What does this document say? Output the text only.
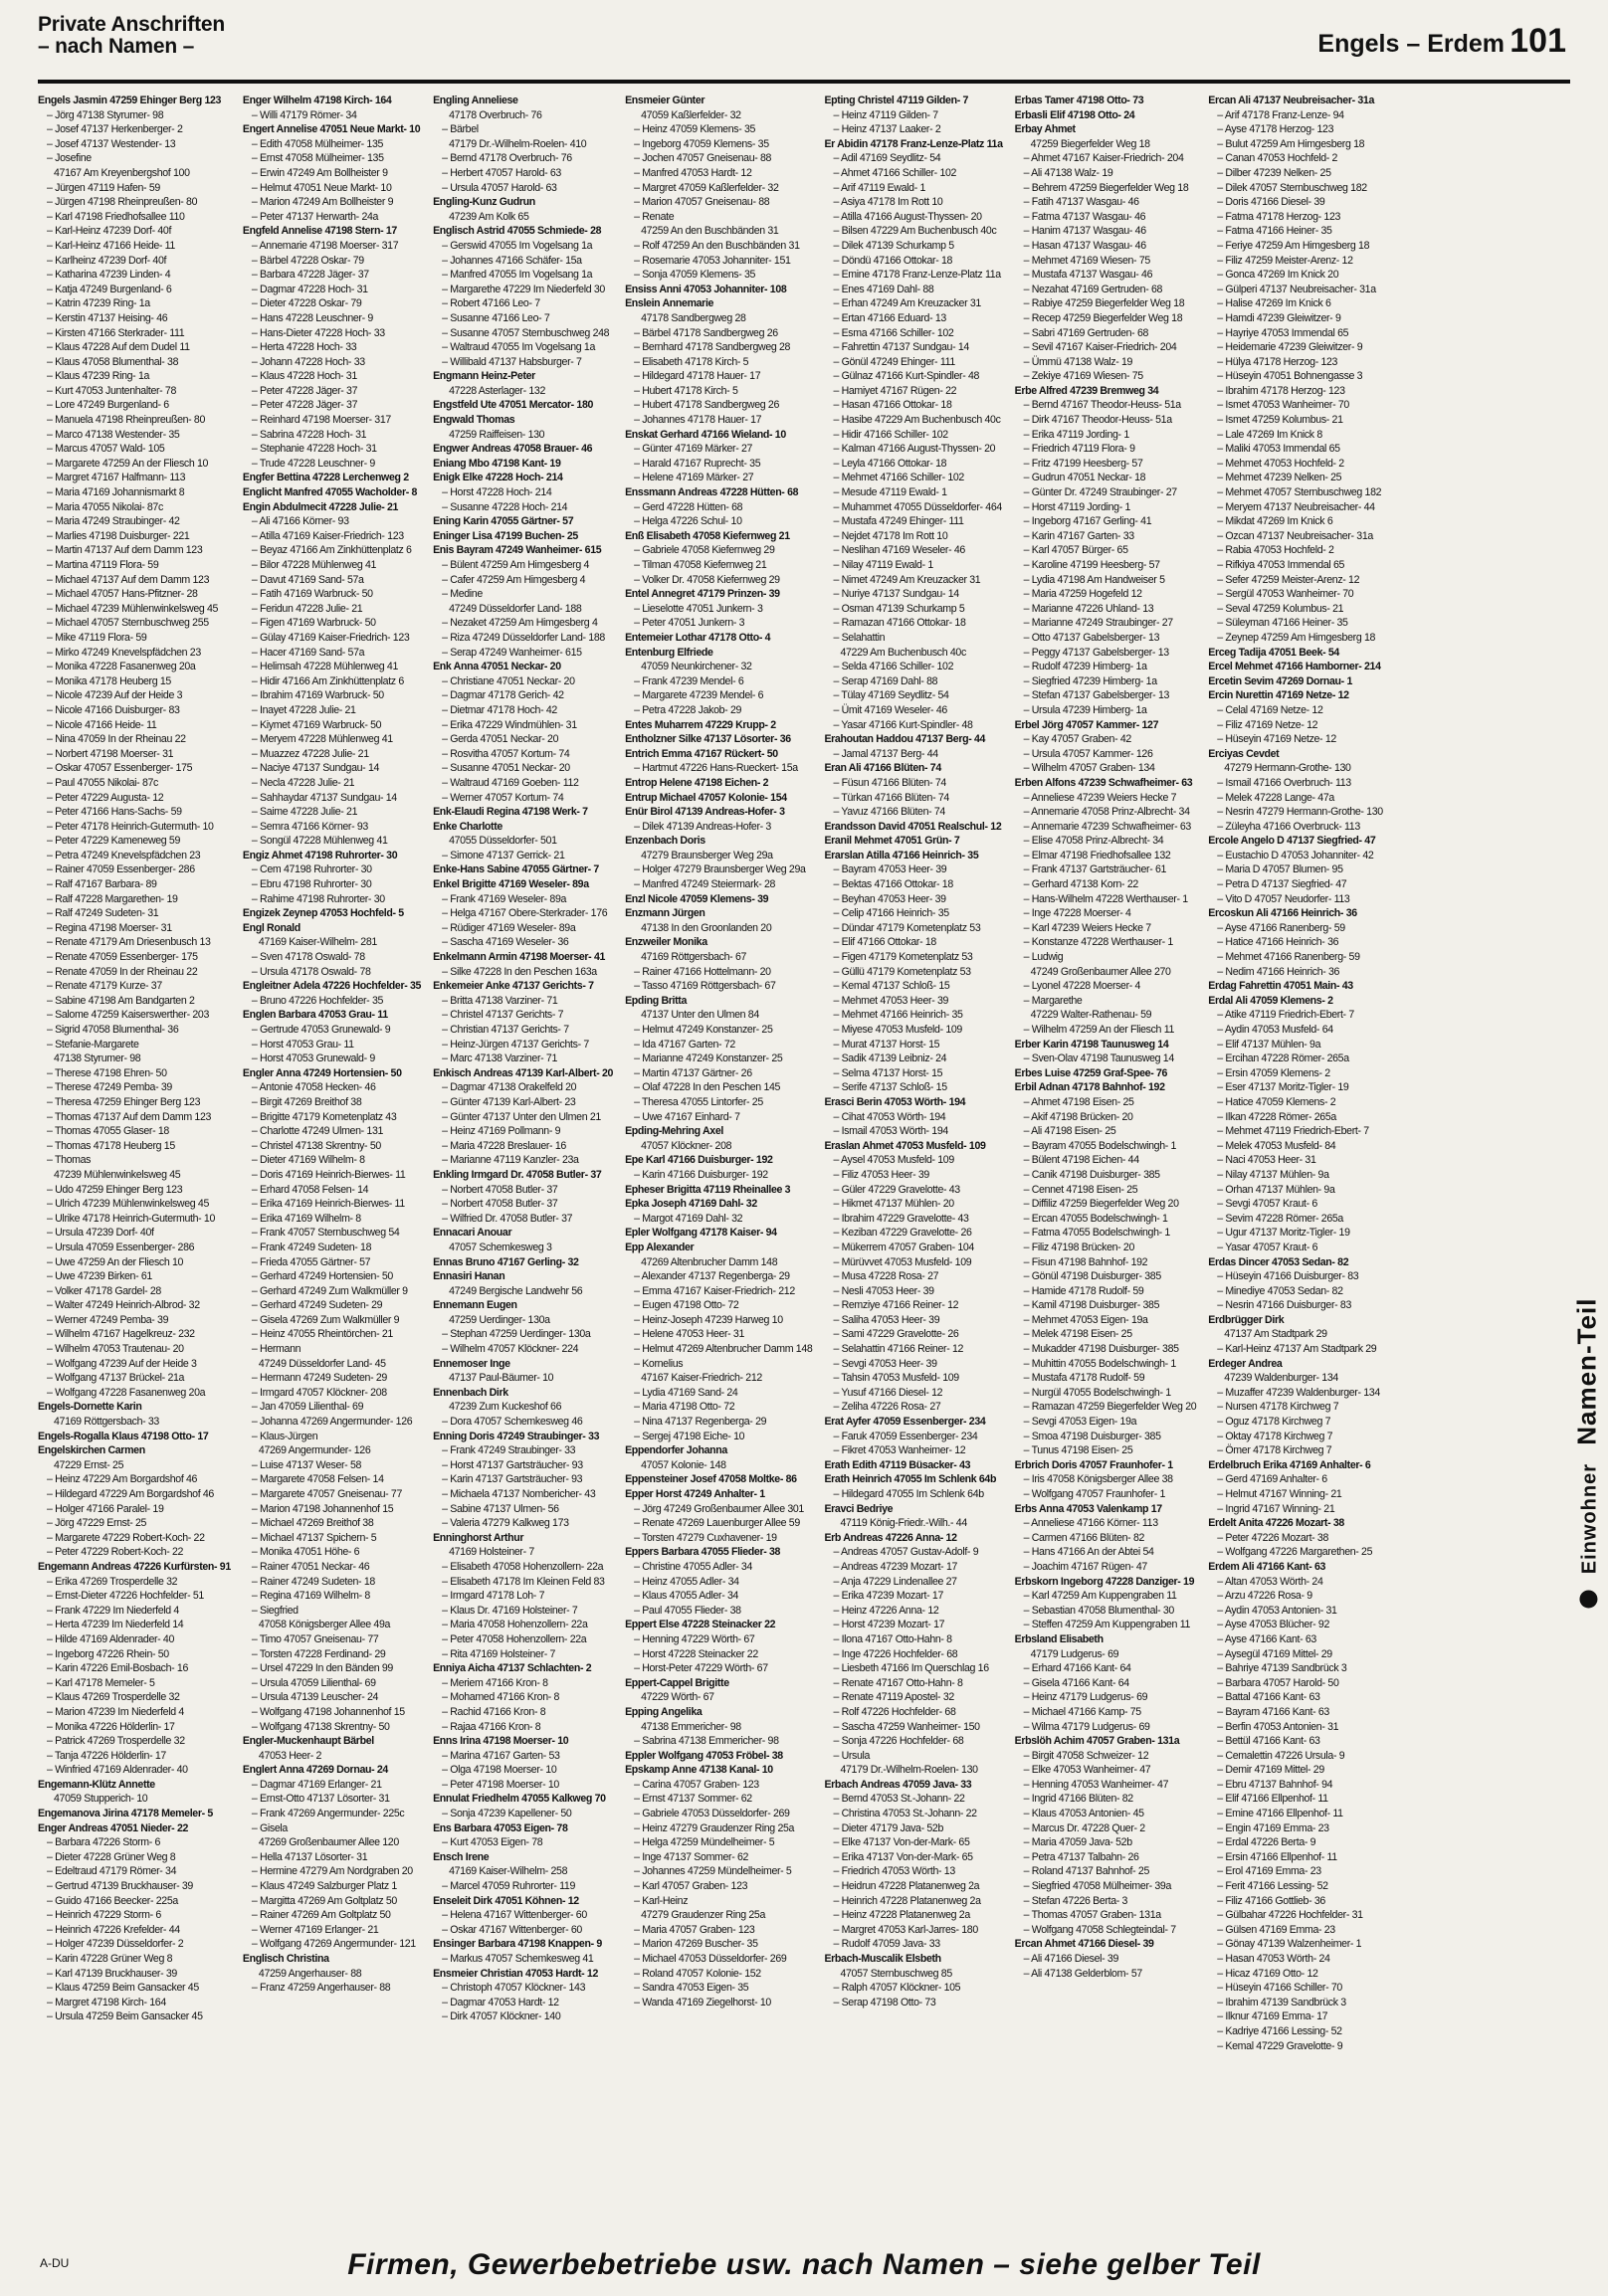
Private Anschriften
– nach Namen –	Engels – Erdem 101
Engels Jasmin 47259 Ehinger Berg 123
– Jörg 47138 Styrumer- 98
– Josef 47137 Herkenberger- 2
– Josef 47137 Westender- 13
– Josefine
47167 Am Kreyenbergshof 100
– Jürgen 47119 Hafen- 59
– Jürgen 47198 Rheinpreußen- 80
– Karl 47198 Friedhofsallee 110
– Karl-Heinz 47239 Dorf- 40f
– Karl-Heinz 47166 Heide- 11
– Karlheinz 47239 Dorf- 40f
– Katharina 47239 Linden- 4
– Katja 47249 Burgenland- 6
– Katrin 47239 Ring- 1a
– Kerstin 47137 Heising- 46
– Kirsten 47166 Sterkrader- 111
– Klaus 47228 Auf dem Dudel 11
– Klaus 47058 Blumenthal- 38
– Klaus 47239 Ring- 1a
– Kurt 47053 Juntenhalter- 78
– Lore 47249 Burgenland- 6
– Manuela 47198 Rheinpreußen- 80
– Marco 47138 Westender- 35
– Marcus 47057 Wald- 105
– Margarete 47259 An der Fliesch 10
– Margret 47167 Halfmann- 113
– Maria 47169 Johannismarkt 8
– Maria 47055 Nikolai- 87c
– Maria 47249 Straubinger- 42
– Marlies 47198 Duisburger- 221
– Martin 47137 Auf dem Damm 123
– Martina 47119 Flora- 59
– Michael 47137 Auf dem Damm 123
– Michael 47057 Hans-Pfitzner- 28
– Michael 47239 Mühlenwinkelsweg 45
– Michael 47057 Sternbuschweg 255
– Mike 47119 Flora- 59
– Mirko 47249 Knevelspfädchen 23
– Monika 47228 Fasanenweg 20a
– Monika 47178 Heuberg 15
– Nicole 47239 Auf der Heide 3
– Nicole 47166 Duisburger- 83
– Nicole 47166 Heide- 11
– Nina 47059 In der Rheinau 22
– Norbert 47198 Moerser- 31
– Oskar 47057 Essenberger- 175
– Paul 47055 Nikolai- 87c
– Peter 47229 Augusta- 12
– Peter 47166 Hans-Sachs- 59
– Peter 47178 Heinrich-Gutermuth- 10
– Peter 47229 Kameneweg 59
– Petra 47249 Knevelspfädchen 23
– Rainer 47059 Essenberger- 286
– Ralf 47167 Barbara- 89
– Ralf 47228 Margarethen- 19
– Ralf 47249 Sudeten- 31
– Regina 47198 Moerser- 31
– Renate 47179 Am Driesenbusch 13
– Renate 47059 Essenberger- 175
– Renate 47059 In der Rheinau 22
– Renate 47179 Kurze- 37
– Sabine 47198 Am Bandgarten 2
– Salome 47259 Kaiserswerther- 203
– Sigrid 47058 Blumenthal- 36
– Stefanie-Margarete
47138 Styrumer- 98
– Therese 47198 Ehren- 50
– Therese 47249 Pemba- 39
– Theresa 47259 Ehinger Berg 123
– Thomas 47137 Auf dem Damm 123
– Thomas 47055 Glaser- 18
– Thomas 47178 Heuberg 15
– Thomas
47239 Mühlenwinkelsweg 45
– Udo 47259 Ehinger Berg 123
– Ulrich 47239 Mühlenwinkelsweg 45
– Ulrike 47178 Heinrich-Gutermuth- 10
– Ursula 47239 Dorf- 40f
– Ursula 47059 Essenberger- 286
– Uwe 47259 An der Fliesch 10
– Uwe 47239 Birken- 61
– Volker 47178 Gardel- 28
– Walter 47249 Heinrich-Albrod- 32
– Werner 47249 Pemba- 39
– Wilhelm 47167 Hagelkreuz- 232
– Wilhelm 47053 Trautenau- 20
– Wolfgang 47239 Auf der Heide 3
– Wolfgang 47137 Brückel- 21a
– Wolfgang 47228 Fasanenweg 20a
Engels-Dornette Karin
47169 Röttgersbach- 33
Engels-Rogalla Klaus 47198 Otto- 17
Engelskirchen Carmen
47229 Ernst- 25
– Heinz 47229 Am Borgardshof 46
– Hildegard 47229 Am Borgardshof 46
– Holger 47166 Paralel- 19
– Jörg 47229 Ernst- 25
– Margarete 47229 Robert-Koch- 22
– Peter 47229 Robert-Koch- 22
Engemann Andreas 47226 Kurfürsten- 91
– Erika 47269 Trosperdelle 32
– Ernst-Dieter 47226 Hochfelder- 51
– Frank 47229 Im Niederfeld 4
– Herta 47239 Im Niederfeld 14
– Hilde 47169 Aldenrader- 40
– Ingeborg 47226 Rhein- 50
– Karin 47226 Emil-Bosbach- 16
– Karl 47178 Memeler- 5
– Klaus 47269 Trosperdelle 32
– Marion 47239 Im Niederfeld 4
– Monika 47226 Hölderlin- 17
– Patrick 47269 Trosperdelle 32
– Tanja 47226 Hölderlin- 17
– Winfried 47169 Aldenrader- 40
Engemann-Klütz Annette
47059 Stupperich- 10
Engemanova Jirina 47178 Memeler- 5
Enger Andreas 47051 Nieder- 22
– Barbara 47226 Storm- 6
– Dieter 47228 Grüner Weg 8
– Edeltraud 47179 Römer- 34
– Gertrud 47139 Bruckhauser- 39
– Guido 47166 Beecker- 225a
– Heinrich 47229 Storm- 6
– Heinrich 47226 Krefelder- 44
– Holger 47239 Düsseldorfer- 2
– Karin 47228 Grüner Weg 8
– Karl 47139 Bruckhauser- 39
– Klaus 47259 Beim Gansacker 45
– Margret 47198 Kirch- 164
– Ursula 47259 Beim Gansacker 45
Enger Wilhelm 47198 Kirch- 164
– Willi 47179 Römer- 34
Engert Annelise 47051 Neue Markt- 10
– Edith 47058 Mülheimer- 135
– Ernst 47058 Mülheimer- 135
– Erwin 47249 Am Bollheister 9
– Helmut 47051 Neue Markt- 10
– Marion 47249 Am Bollheister 9
– Peter 47137 Herwarth- 24a
Engfeld Annelise 47198 Stern- 17
– Annemarie 47198 Moerser- 317
– Bärbel 47228 Oskar- 79
– Barbara 47228 Jäger- 37
– Dagmar 47228 Hoch- 31
– Dieter 47228 Oskar- 79
– Hans 47228 Leuschner- 9
– Hans-Dieter 47228 Hoch- 33
– Herta 47228 Hoch- 33
– Johann 47228 Hoch- 33
– Klaus 47228 Hoch- 31
– Peter 47228 Jäger- 37
– Peter 47228 Jäger- 37
– Reinhard 47198 Moerser- 317
– Sabrina 47228 Hoch- 31
– Stephanie 47228 Hoch- 31
– Trude 47228 Leuschner- 9
Engfer Bettina 47228 Lerchenweg 2
Englicht Manfred 47055 Wacholder- 8
Engin Abdulmecit 47228 Julie- 21
– Ali 47166 Körner- 93
– Atilla 47169 Kaiser-Friedrich- 123
– Beyaz 47166 Am Zinkhüttenplatz 6
– Bilor 47228 Mühlenweg 41
– Davut 47169 Sand- 57a
– Fatih 47169 Warbruck- 50
– Feridun 47228 Julie- 21
– Figen 47169 Warbruck- 50
– Gülay 47169 Kaiser-Friedrich- 123
– Hacer 47169 Sand- 57a
– Helimsah 47228 Mühlenweg 41
– Hidir 47166 Am Zinkhüttenplatz 6
– Ibrahim 47169 Warbruck- 50
– Inayet 47228 Julie- 21
– Kiymet 47169 Warbruck- 50
– Meryem 47228 Mühlenweg 41
– Muazzez 47228 Julie- 21
– Naciye 47137 Sundgau- 14
– Necla 47228 Julie- 21
– Sahhaydar 47137 Sundgau- 14
– Saime 47228 Julie- 21
– Semra 47166 Körner- 93
– Songül 47228 Mühlenweg 41
Engiz Ahmet 47198 Ruhrorter- 30
– Cem 47198 Ruhrorter- 30
– Ebru 47198 Ruhrorter- 30
– Rahime 47198 Ruhrorter- 30
Engizek Zeynep 47053 Hochfeld- 5
Engl Ronald
47169 Kaiser-Wilhelm- 281
– Sven 47178 Oswald- 78
– Ursula 47178 Oswald- 78
Engleitner Adela 47226 Hochfelder- 35
– Bruno 47226 Hochfelder- 35
Englen Barbara 47053 Grau- 11
– Gertrude 47053 Grunewald- 9
– Horst 47053 Grau- 11
– Horst 47053 Grunewald- 9
Engler Anna 47249 Hortensien- 50
– Antonie 47058 Hecken- 46
– Birgit 47269 Breithof 38
– Brigitte 47179 Kometenplatz 43
– Charlotte 47249 Ulmen- 131
– Christel 47138 Skrentny- 50
– Dieter 47169 Wilhelm- 8
– Doris 47169 Heinrich-Bierwes- 11
– Erhard 47058 Felsen- 14
– Erika 47169 Heinrich-Bierwes- 11
– Erika 47169 Wilhelm- 8
– Frank 47057 Sternbuschweg 54
– Frank 47249 Sudeten- 18
– Frieda 47055 Gärtner- 57
– Gerhard 47249 Hortensien- 50
– Gerhard 47249 Zum Walkmüller 9
– Gerhard 47249 Sudeten- 29
– Gisela 47269 Zum Walkmüller 9
– Heinz 47055 Rheintörchen- 21
– Hermann
47249 Düsseldorfer Land- 45
– Hermann 47249 Sudeten- 29
– Irmgard 47057 Klöckner- 208
– Jan 47059 Lilienthal- 69
– Johanna 47269 Angermunder- 126
– Klaus-Jürgen
47269 Angermunder- 126
– Luise 47137 Weser- 58
– Margarete 47058 Felsen- 14
– Margarete 47057 Gneisenau- 77
– Marion 47198 Johannenhof 15
– Michael 47269 Breithof 38
– Michael 47137 Spichern- 5
– Monika 47051 Höhe- 6
– Rainer 47051 Neckar- 46
– Rainer 47249 Sudeten- 18
– Regina 47169 Wilhelm- 8
– Siegfried
47058 Königsberger Allee 49a
– Timo 47057 Gneisenau- 77
– Torsten 47228 Ferdinand- 29
– Ursel 47229 In den Bänden 99
– Ursula 47059 Lilienthal- 69
– Ursula 47139 Leuscher- 24
– Wolfgang 47198 Johannenhof 15
– Wolfgang 47138 Skrentny- 50
Engler-Muckenhaupt Bärbel
47053 Heer- 2
Englert Anna 47269 Dornau- 24
– Dagmar 47169 Erlanger- 21
– Ernst-Otto 47137 Lösorter- 31
– Frank 47269 Angermunder- 225c
– Gisela
47269 Großenbaumer Allee 120
– Hella 47137 Lösorter- 31
– Hermine 47279 Am Nordgraben 20
– Klaus 47249 Salzburger Platz 1
– Margitta 47269 Am Goltplatz 50
– Rainer 47269 Am Goltplatz 50
– Werner 47169 Erlanger- 21
– Wolfgang 47269 Angermunder- 121
Englisch Christina
47259 Angerhauser- 88
– Franz 47259 Angerhauser- 88
Engling Anneliese
47178 Overbruch- 76
– Bärbel
47179 Dr.-Wilhelm-Roelen- 410
– Bernd 47178 Overbruch- 76
– Herbert 47057 Harold- 63
– Ursula 47057 Harold- 63
Engling-Kunz Gudrun
47239 Am Kolk 65
Englisch Astrid 47055 Schmiede- 28
– Gerswid 47055 Im Vogelsang 1a
– Johannes 47166 Schäfer- 15a
– Manfred 47055 Im Vogelsang 1a
– Margarethe 47229 Im Niederfeld 30
– Robert 47166 Leo- 7
– Susanne 47166 Leo- 7
– Susanne 47057 Sternbuschweg 248
– Waltraud 47055 Im Vogelsang 1a
– Willibald 47137 Habsburger- 7
Engmann Heinz-Peter
47228 Asterlager- 132
Engstfeld Ute 47051 Mercator- 180
Engwald Thomas
47259 Raiffeisen- 130
Engwer Andreas 47058 Brauer- 46
Eniang Mbo 47198 Kant- 19
Enigk Elke 47228 Hoch- 214
– Horst 47228 Hoch- 214
– Susanne 47228 Hoch- 214
Ening Karin 47055 Gärtner- 57
Eninger Lisa 47199 Buchen- 25
Enis Bayram 47249 Wanheimer- 615
– Bülent 47259 Am Himgesberg 4
– Cafer 47259 Am Himgesberg 4
– Medine
47249 Düsseldorfer Land- 188
– Nezaket 47259 Am Himgesberg 4
– Riza 47249 Düsseldorfer Land- 188
– Serap 47249 Wanheimer- 615
Enk Anna 47051 Neckar- 20
– Christiane 47051 Neckar- 20
– Dagmar 47178 Gerich- 42
– Dietmar 47178 Hoch- 42
– Erika 47229 Windmühlen- 31
– Gerda 47051 Neckar- 20
– Rosvitha 47057 Kortum- 74
– Susanne 47051 Neckar- 20
– Waltraud 47169 Goeben- 112
– Werner 47057 Kortum- 74
Enk-Elaudi Regina 47198 Werk- 7
Enke Charlotte
47055 Düsseldorfer- 501
– Simone 47137 Gerrick- 21
Enke-Hans Sabine 47055 Gärtner- 7
Enkel Brigitte 47169 Weseler- 89a
– Frank 47169 Weseler- 89a
– Helga 47167 Obere-Sterkrader- 176
– Rüdiger 47169 Weseler- 89a
– Sascha 47169 Weseler- 36
Enkelmann Armin 47198 Moerser- 41
– Silke 47228 In den Peschen 163a
Enkemeier Anke 47137 Gerichts- 7
– Britta 47138 Varziner- 71
– Christel 47137 Gerichts- 7
– Christian 47137 Gerichts- 7
– Heinz-Jürgen 47137 Gerichts- 7
– Marc 47138 Varziner- 71
Enkisch Andreas 47139 Karl-Albert- 20
– Dagmar 47138 Orakelfeld 20
– Günter 47139 Karl-Albert- 23
– Günter 47137 Unter den Ulmen 21
– Heinz 47169 Pollmann- 9
– Maria 47228 Breslauer- 16
– Marianne 47119 Kanzler- 23a
Enkling Irmgard Dr. 47058 Butler- 37
– Norbert 47058 Butler- 37
– Norbert 47058 Butler- 37
– Wilfried Dr. 47058 Butler- 37
Ennacari Anouar
47057 Schemkesweg 3
Ennas Bruno 47167 Gerling- 32
Ennasiri Hanan
47249 Bergische Landwehr 56
Ennemann Eugen
47259 Uerdinger- 130a
– Stephan 47259 Uerdinger- 130a
– Wilhelm 47057 Klöckner- 224
Ennemoser Inge
47137 Paul-Bäumer- 10
Ennenbach Dirk
47239 Zum Kuckeshof 66
– Dora 47057 Schemkesweg 46
Enning Doris 47249 Straubinger- 33
– Frank 47249 Straubinger- 33
– Horst 47137 Gartsträucher- 93
– Karin 47137 Gartsträucher- 93
– Michaela 47137 Nombericher- 43
– Sabine 47137 Ulmen- 56
– Valeria 47279 Kalkweg 173
Enninghorst Arthur
47169 Holsteiner- 7
– Elisabeth 47058 Hohenzollern- 22a
– Elisabeth 47178 Im Kleinen Feld 83
– Irmgard 47178 Loh- 7
– Klaus Dr. 47169 Holsteiner- 7
– Maria 47058 Hohenzollern- 22a
– Peter 47058 Hohenzollern- 22a
– Rita 47169 Holsteiner- 7
Enniya Aicha 47137 Schlachten- 2
– Meriem 47166 Kron- 8
– Mohamed 47166 Kron- 8
– Rachid 47166 Kron- 8
– Rajaa 47166 Kron- 8
Enns Irina 47198 Moerser- 10
– Marina 47167 Garten- 53
– Olga 47198 Moerser- 10
– Peter 47198 Moerser- 10
Ennulat Friedhelm 47055 Kalkweg 70
– Sonja 47239 Kapellener- 50
Ens Barbara 47053 Eigen- 78
– Kurt 47053 Eigen- 78
Ensch Irene
47169 Kaiser-Wilhelm- 258
– Marcel 47059 Ruhrorter- 119
Enseleit Dirk 47051 Köhnen- 12
– Helena 47167 Wittenberger- 60
– Oskar 47167 Wittenberger- 60
Ensinger Barbara 47198 Knappen- 9
– Markus 47057 Schemkesweg 41
Ensmeier Christian 47053 Hardt- 12
– Christoph 47057 Klöckner- 143
– Dagmar 47053 Hardt- 12
– Dirk 47057 Klöckner- 140
Ensmeier Günter
47059 Kaßlerfelder- 32
– Heinz 47059 Klemens- 35
– Ingeborg 47059 Klemens- 35
– Jochen 47057 Gneisenau- 88
– Manfred 47053 Hardt- 12
– Margret 47059 Kaßlerfelder- 32
– Marion 47057 Gneisenau- 88
– Renate
47259 An den Buschbänden 31
– Rolf 47259 An den Buschbänden 31
– Rosemarie 47053 Johanniter- 151
– Sonja 47059 Klemens- 35
Ensiss Anni 47053 Johanniter- 108
Enslein Annemarie
47178 Sandbergweg 28
– Bärbel 47178 Sandbergweg 26
– Bernhard 47178 Sandbergweg 28
– Elisabeth 47178 Kirch- 5
– Hildegard 47178 Hauer- 17
– Hubert 47178 Kirch- 5
– Hubert 47178 Sandbergweg 26
– Johannes 47178 Hauer- 17
Enskat Gerhard 47166 Wieland- 10
– Günter 47169 Märker- 27
– Harald 47167 Ruprecht- 35
– Helene 47169 Märker- 27
Enssmann Andreas 47228 Hütten- 68
– Gerd 47228 Hütten- 68
– Helga 47226 Schul- 10
Enß Elisabeth 47058 Kiefernweg 21
– Gabriele 47058 Kiefernweg 29
– Tilman 47058 Kiefernweg 21
– Volker Dr. 47058 Kiefernweg 29
Entel Annegret 47179 Prinzen- 39
– Lieselotte 47051 Junkern- 3
– Peter 47051 Junkern- 3
Entemeier Lothar 47178 Otto- 4
Entenburg Elfriede
47059 Neunkirchener- 32
– Frank 47239 Mendel- 6
– Margarete 47239 Mendel- 6
– Petra 47228 Jakob- 29
Entes Muharrem 47229 Krupp- 2
Entholzner Silke 47137 Lösorter- 36
Entrich Emma 47167 Rückert- 50
– Hartmut 47226 Hans-Rueckert- 15a
Entrop Helene 47198 Eichen- 2
Entrup Michael 47057 Kolonie- 154
Enür Birol 47139 Andreas-Hofer- 3
– Dilek 47139 Andreas-Hofer- 3
Enzenbach Doris
47279 Braunsberger Weg 29a
– Holger 47279 Braunsberger Weg 29a
– Manfred 47249 Steiermark- 28
Enzl Nicole 47059 Klemens- 39
Enzmann Jürgen
47138 In den Groonlanden 20
Enzweiler Monika
47169 Röttgersbach- 67
– Rainer 47166 Hottelmann- 20
– Tasso 47169 Röttgersbach- 67
Epding Britta
47137 Unter den Ulmen 84
– Helmut 47249 Konstanzer- 25
– Ida 47167 Garten- 72
– Marianne 47249 Konstanzer- 25
– Martin 47137 Gärtner- 26
– Olaf 47228 In den Peschen 145
– Theresa 47055 Lintorfer- 25
– Uwe 47167 Einhard- 7
Epding-Mehring Axel
47057 Klöckner- 208
Epe Karl 47166 Duisburger- 192
– Karin 47166 Duisburger- 192
Epheser Brigitta 47119 Rheinallee 3
Epka Joseph 47169 Dahl- 32
– Margot 47169 Dahl- 32
Epler Wolfgang 47178 Kaiser- 94
Epp Alexander
47269 Altenbrucher Damm 148
– Alexander 47137 Regenberga- 29
– Emma 47167 Kaiser-Friedrich- 212
– Eugen 47198 Otto- 72
– Heinz-Joseph 47239 Harweg 10
– Helene 47053 Heer- 31
– Helmut 47269 Altenbrucher Damm 148
– Kornelius
47167 Kaiser-Friedrich- 212
– Lydia 47169 Sand- 24
– Maria 47198 Otto- 72
– Nina 47137 Regenberga- 29
– Sergej 47198 Eiche- 10
Eppendorfer Johanna
47057 Kolonie- 148
Eppensteiner Josef 47058 Moltke- 86
Epper Horst 47249 Anhalter- 1
– Jörg 47249 Großenbaumer Allee 301
– Renate 47269 Lauenburger Allee 59
– Torsten 47279 Cuxhavener- 19
Eppers Barbara 47055 Flieder- 38
– Christine 47055 Adler- 34
– Heinz 47055 Adler- 34
– Klaus 47055 Adler- 34
– Paul 47055 Flieder- 38
Eppert Else 47228 Steinacker 22
– Henning 47229 Wörth- 67
– Horst 47228 Steinacker 22
– Horst-Peter 47229 Wörth- 67
Eppert-Cappel Brigitte
47229 Wörth- 67
Epping Angelika
47138 Emmericher- 98
– Sabrina 47138 Emmericher- 98
Eppler Wolfgang 47053 Fröbel- 38
Epskamp Anne 47138 Kanal- 10
– Carina 47057 Graben- 123
– Ernst 47137 Sommer- 62
– Gabriele 47053 Düsseldorfer- 269
– Heinz 47279 Graudenzer Ring 25a
– Helga 47259 Mündelheimer- 5
– Inge 47137 Sommer- 62
– Johannes 47259 Mündelheimer- 5
– Karl 47057 Graben- 123
– Karl-Heinz
47279 Graudenzer Ring 25a
– Maria 47057 Graben- 123
– Marion 47269 Buscher- 35
– Michael 47053 Düsseldorfer- 269
– Roland 47057 Kolonie- 152
– Sandra 47053 Eigen- 35
– Wanda 47169 Ziegelhorst- 10
Epting Christel 47119 Gilden- 7
– Heinz 47119 Gilden- 7
– Heinz 47137 Laaker- 2
Er Abidin 47178 Franz-Lenze-Platz 11a
– Adil 47169 Seydlitz- 54
– Ahmet 47166 Schiller- 102
– Arif 47119 Ewald- 1
– Asiya 47178 Im Rott 10
– Atilla 47166 August-Thyssen- 20
– Bilsen 47229 Am Buchenbusch 40c
– Dilek 47139 Schurkamp 5
– Döndü 47166 Ottokar- 18
– Emine 47178 Franz-Lenze-Platz 11a
– Enes 47169 Dahl- 88
– Erhan 47249 Am Kreuzacker 31
– Ertan 47166 Eduard- 13
– Esma 47166 Schiller- 102
– Fahrettin 47137 Sundgau- 14
– Gönül 47249 Ehinger- 111
– Gülnaz 47166 Kurt-Spindler- 48
– Hamiyet 47167 Rügen- 22
– Hasan 47166 Ottokar- 18
– Hasibe 47229 Am Buchenbusch 40c
– Hidir 47166 Schiller- 102
– Kalman 47166 August-Thyssen- 20
– Leyla 47166 Ottokar- 18
– Mehmet 47166 Schiller- 102
– Mesude 47119 Ewald- 1
– Muhammet 47055 Düsseldorfer- 464
– Mustafa 47249 Ehinger- 111
– Nejdet 47178 Im Rott 10
– Neslihan 47169 Weseler- 46
– Nilay 47119 Ewald- 1
– Nimet 47249 Am Kreuzacker 31
– Nuriye 47137 Sundgau- 14
– Osman 47139 Schurkamp 5
– Ramazan 47166 Ottokar- 18
– Selahattin
47229 Am Buchenbusch 40c
– Selda 47166 Schiller- 102
– Serap 47169 Dahl- 88
– Tülay 47169 Seydlitz- 54
– Ümit 47169 Weseler- 46
– Yasar 47166 Kurt-Spindler- 48
Erahoutan Haddou 47137 Berg- 44
– Jamal 47137 Berg- 44
Eran Ali 47166 Blüten- 74
– Füsun 47166 Blüten- 74
– Türkan 47166 Blüten- 74
– Yavuz 47166 Blüten- 74
Erandsson David 47051 Realschul- 12
Eranil Mehmet 47051 Grün- 7
Erarslan Atilla 47166 Heinrich- 35
– Bayram 47053 Heer- 39
– Bektas 47166 Ottokar- 18
– Beyhan 47053 Heer- 39
– Celip 47166 Heinrich- 35
– Dündar 47179 Kometenplatz 53
– Elif 47166 Ottokar- 18
– Figen 47179 Kometenplatz 53
– Güllü 47179 Kometenplatz 53
– Kemal 47137 Schloß- 15
– Mehmet 47053 Heer- 39
– Mehmet 47166 Heinrich- 35
– Miyese 47053 Musfeld- 109
– Murat 47137 Horst- 15
– Sadik 47139 Leibniz- 24
– Selma 47137 Horst- 15
– Serife 47137 Schloß- 15
Erasci Berin 47053 Wörth- 194
– Cihat 47053 Wörth- 194
– Ismail 47053 Wörth- 194
Eraslan Ahmet 47053 Musfeld- 109
– Aysel 47053 Musfeld- 109
– Filiz 47053 Heer- 39
– Güler 47229 Gravelotte- 43
– Hikmet 47137 Mühlen- 20
– Ibrahim 47229 Gravelotte- 43
– Keziban 47229 Gravelotte- 26
– Mükerrem 47057 Graben- 104
– Mürüvvet 47053 Musfeld- 109
– Musa 47228 Rosa- 27
– Nesli 47053 Heer- 39
– Remziye 47166 Reiner- 12
– Saliha 47053 Heer- 39
– Sami 47229 Gravelotte- 26
– Selahattin 47166 Reiner- 12
– Sevgi 47053 Heer- 39
– Tahsin 47053 Musfeld- 109
– Yusuf 47166 Diesel- 12
– Zeliha 47226 Rosa- 27
Erat Ayfer 47059 Essenberger- 234
– Faruk 47059 Essenberger- 234
– Fikret 47053 Wanheimer- 12
Erath Edith 47119 Büsacker- 43
Erath Heinrich 47055 Im Schlenk 64b
– Hildegard 47055 Im Schlenk 64b
Eravci Bedriye
47119 König-Friedr.-Wilh.- 44
Erb Andreas 47226 Anna- 12
– Andreas 47057 Gustav-Adolf- 9
– Andreas 47239 Mozart- 17
– Anja 47229 Lindenallee 27
– Erika 47239 Mozart- 17
– Heinz 47226 Anna- 12
– Horst 47239 Mozart- 17
– Ilona 47167 Otto-Hahn- 8
– Inge 47226 Hochfelder- 68
– Liesbeth 47166 Im Querschlag 16
– Renate 47167 Otto-Hahn- 8
– Renate 47119 Apostel- 32
– Rolf 47226 Hochfelder- 68
– Sascha 47259 Wanheimer- 150
– Sonja 47226 Hochfelder- 68
– Ursula
47179 Dr.-Wilhelm-Roelen- 130
Erbach Andreas 47059 Java- 33
– Bernd 47053 St.-Johann- 22
– Christina 47053 St.-Johann- 22
– Dieter 47179 Java- 52b
– Elke 47137 Von-der-Mark- 65
– Erika 47137 Von-der-Mark- 65
– Friedrich 47053 Wörth- 13
– Heidrun 47228 Platanenweg 2a
– Heinrich 47228 Platanenweg 2a
– Heinz 47228 Platanenweg 2a
– Margret 47053 Karl-Jarres- 180
– Rudolf 47059 Java- 33
Erbach-Muscalik Elsbeth
47057 Sternbuschweg 85
– Ralph 47057 Klöckner- 105
– Serap 47198 Otto- 73
Erbas Tamer 47198 Otto- 73
Erbasli Elif 47198 Otto- 24
Erbay Ahmet
47259 Biegerfelder Weg 18
– Ahmet 47167 Kaiser-Friedrich- 204
– Ali 47138 Walz- 19
– Behrem 47259 Biegerfelder Weg 18
– Fatih 47137 Wasgau- 46
– Fatma 47137 Wasgau- 46
– Hanim 47137 Wasgau- 46
– Hasan 47137 Wasgau- 46
– Mehmet 47169 Wiesen- 75
– Mustafa 47137 Wasgau- 46
– Nezahat 47169 Gertruden- 68
– Rabiye 47259 Biegerfelder Weg 18
– Recep 47259 Biegerfelder Weg 18
– Sabri 47169 Gertruden- 68
– Sevil 47167 Kaiser-Friedrich- 204
– Ümmü 47138 Walz- 19
– Zekiye 47169 Wiesen- 75
Erbe Alfred 47239 Bremweg 34
– Bernd 47167 Theodor-Heuss- 51a
– Dirk 47167 Theodor-Heuss- 51a
– Erika 47119 Jording- 1
– Friedrich 47119 Flora- 9
– Fritz 47199 Heesberg- 57
– Gudrun 47051 Neckar- 18
– Günter Dr. 47249 Straubinger- 27
– Horst 47119 Jording- 1
– Ingeborg 47167 Gerling- 41
– Karin 47167 Garten- 33
– Karl 47057 Bürger- 65
– Karoline 47199 Heesberg- 57
– Lydia 47198 Am Handweiser 5
– Maria 47259 Hogefeld 12
– Marianne 47226 Uhland- 13
– Marianne 47249 Straubinger- 27
– Otto 47137 Gabelsberger- 13
– Peggy 47137 Gabelsberger- 13
– Rudolf 47239 Himberg- 1a
– Siegfried 47239 Himberg- 1a
– Stefan 47137 Gabelsberger- 13
– Ursula 47239 Himberg- 1a
Erbel Jörg 47057 Kammer- 127
– Kay 47057 Graben- 42
– Ursula 47057 Kammer- 126
– Wilhelm 47057 Graben- 134
Erben Alfons 47239 Schwafheimer- 63
– Anneliese 47239 Weiers Hecke 7
– Annemarie 47058 Prinz-Albrecht- 34
– Annemarie 47239 Schwafheimer- 63
– Elise 47058 Prinz-Albrecht- 34
– Elmar 47198 Friedhofsallee 132
– Frank 47137 Gartsträucher- 61
– Gerhard 47138 Korn- 22
– Hans-Wilhelm 47228 Werthauser- 1
– Inge 47228 Moerser- 4
– Karl 47239 Weiers Hecke 7
– Konstanze 47228 Werthauser- 1
– Ludwig
47249 Großenbaumer Allee 270
– Lyonel 47228 Moerser- 4
– Margarethe
47229 Walter-Rathenau- 59
– Wilhelm 47259 An der Fliesch 11
Erber Karin 47198 Taunusweg 14
– Sven-Olav 47198 Taunusweg 14
Erbes Luise 47259 Graf-Spee- 76
Erbil Adnan 47178 Bahnhof- 192
– Ahmet 47198 Eisen- 25
– Akif 47198 Brücken- 20
– Ali 47198 Eisen- 25
– Bayram 47055 Bodelschwingh- 1
– Bülent 47198 Eichen- 44
– Canik 47198 Duisburger- 385
– Cennet 47198 Eisen- 25
– Diffiliz 47259 Biegerfelder Weg 20
– Ercan 47055 Bodelschwingh- 1
– Fatma 47055 Bodelschwingh- 1
– Filiz 47198 Brücken- 20
– Fisun 47198 Bahnhof- 192
– Gönül 47198 Duisburger- 385
– Hamide 47178 Rudolf- 59
– Kamil 47198 Duisburger- 385
– Mehmet 47053 Eigen- 19a
– Melek 47198 Eisen- 25
– Mukadder 47198 Duisburger- 385
– Muhittin 47055 Bodelschwingh- 1
– Mustafa 47178 Rudolf- 59
– Nurgül 47055 Bodelschwingh- 1
– Ramazan 47259 Biegerfelder Weg 20
– Sevgi 47053 Eigen- 19a
– Smoa 47198 Duisburger- 385
– Tunus 47198 Eisen- 25
Erbrich Doris 47057 Fraunhofer- 1
– Iris 47058 Königsberger Allee 38
– Wolfgang 47057 Fraunhofer- 1
Erbs Anna 47053 Valenkamp 17
– Anneliese 47166 Körner- 113
– Carmen 47166 Blüten- 82
– Hans 47166 An der Abtei 54
– Joachim 47167 Rügen- 47
Erbskorn Ingeborg 47228 Danziger- 19
– Karl 47259 Am Kuppengraben 11
– Sebastian 47058 Blumenthal- 30
– Steffen 47259 Am Kuppengraben 11
Erbsland Elisabeth
47179 Ludgerus- 69
– Erhard 47166 Kant- 64
– Gisela 47166 Kant- 64
– Heinz 47179 Ludgerus- 69
– Michael 47166 Kamp- 75
– Wilma 47179 Ludgerus- 69
Erbslöh Achim 47057 Graben- 131a
– Birgit 47058 Schweizer- 12
– Elke 47053 Wanheimer- 47
– Henning 47053 Wanheimer- 47
– Ingrid 47166 Blüten- 82
– Klaus 47053 Antonien- 45
– Marcus Dr. 47228 Quer- 2
– Maria 47059 Java- 52b
– Petra 47137 Talbahn- 26
– Roland 47137 Bahnhof- 25
– Siegfried 47058 Mülheimer- 39a
– Stefan 47226 Berta- 3
– Thomas 47057 Graben- 131a
– Wolfgang 47058 Schlegteindal- 7
Ercan Ahmet 47166 Diesel- 39
– Ali 47166 Diesel- 39
– Ali 47138 Gelderblom- 57
Ercan Ali 47137 Neubreisacher- 31a
– Arif 47178 Franz-Lenze- 94
– Ayse 47178 Herzog- 123
– Bulut 47259 Am Himgesberg 18
– Canan 47053 Hochfeld- 2
– Dilber 47239 Nelken- 25
– Dilek 47057 Sternbuschweg 182
– Doris 47166 Diesel- 39
– Fatma 47178 Herzog- 123
– Fatma 47166 Heiner- 35
– Feriye 47259 Am Himgesberg 18
– Filiz 47259 Meister-Arenz- 12
– Gonca 47269 Im Knick 20
– Gülperi 47137 Neubreisacher- 31a
– Halise 47269 Im Knick 6
– Hamdi 47239 Gleiwitzer- 9
– Hayriye 47053 Immendal 65
– Heidemarie 47239 Gleiwitzer- 9
– Hülya 47178 Herzog- 123
– Hüseyin 47051 Bohnengasse 3
– Ibrahim 47178 Herzog- 123
– Ismet 47053 Wanheimer- 70
– Ismet 47259 Kolumbus- 21
– Lale 47269 Im Knick 8
– Maliki 47053 Immendal 65
– Mehmet 47053 Hochfeld- 2
– Mehmet 47239 Nelken- 25
– Mehmet 47057 Sternbuschweg 182
– Meryem 47137 Neubreisacher- 44
– Mikdat 47269 Im Knick 6
– Ozcan 47137 Neubreisacher- 31a
– Rabia 47053 Hochfeld- 2
– Rifkiya 47053 Immendal 65
– Sefer 47259 Meister-Arenz- 12
– Sergül 47053 Wanheimer- 70
– Seval 47259 Kolumbus- 21
– Süleyman 47166 Heiner- 35
– Zeynep 47259 Am Himgesberg 18
Erceg Tadija 47051 Beek- 54
Ercel Mehmet 47166 Hamborner- 214
Ercetin Sevim 47269 Dornau- 1
Ercin Nurettin 47169 Netze- 12
– Celal 47169 Netze- 12
– Filiz 47169 Netze- 12
– Hüseyin 47169 Netze- 12
Erciyas Cevdet
47279 Hermann-Grothe- 130
– Ismail 47166 Overbruch- 113
– Melek 47228 Lange- 47a
– Nesrin 47279 Hermann-Grothe- 130
– Züleyha 47166 Overbruck- 113
Ercole Angelo D 47137 Siegfried- 47
– Eustachio D 47053 Johanniter- 42
– Maria D 47057 Blumen- 95
– Petra D 47137 Siegfried- 47
– Vito D 47057 Neudorfer- 113
Ercoskun Ali 47166 Heinrich- 36
– Ayse 47166 Ranenberg- 59
– Hatice 47166 Heinrich- 36
– Mehmet 47166 Ranenberg- 59
– Nedim 47166 Heinrich- 36
Erdag Fahrettin 47051 Main- 43
Erdal Ali 47059 Klemens- 2
– Atike 47119 Friedrich-Ebert- 7
– Aydin 47053 Musfeld- 64
– Elif 47137 Mühlen- 9a
– Ercihan 47228 Römer- 265a
– Ersin 47059 Klemens- 2
– Eser 47137 Moritz-Tigler- 19
– Hatice 47059 Klemens- 2
– Ilkan 47228 Römer- 265a
– Mehmet 47119 Friedrich-Ebert- 7
– Melek 47053 Musfeld- 84
– Naci 47053 Heer- 31
– Nilay 47137 Mühlen- 9a
– Orhan 47137 Mühlen- 9a
– Sevgi 47057 Kraut- 6
– Sevim 47228 Römer- 265a
– Ugur 47137 Moritz-Tigler- 19
– Yasar 47057 Kraut- 6
Erdas Dincer 47053 Sedan- 82
– Hüseyin 47166 Duisburger- 83
– Minediye 47053 Sedan- 82
– Nesrin 47166 Duisburger- 83
Erdbrügger Dirk
47137 Am Stadtpark 29
– Karl-Heinz 47137 Am Stadtpark 29
Erdeger Andrea
47239 Waldenburger- 134
– Muzaffer 47239 Waldenburger- 134
– Nursen 47178 Kirchweg 7
– Oguz 47178 Kirchweg 7
– Oktay 47178 Kirchweg 7
– Ömer 47178 Kirchweg 7
Erdelbruch Erika 47169 Anhalter- 6
– Gerd 47169 Anhalter- 6
– Helmut 47167 Winning- 21
– Ingrid 47167 Winning- 21
Erdelt Anita 47226 Mozart- 38
– Peter 47226 Mozart- 38
– Wolfgang 47226 Margarethen- 25
Erdem Ali 47166 Kant- 63
– Altan 47053 Wörth- 24
– Arzu 47226 Rosa- 9
– Aydin 47053 Antonien- 31
– Ayse 47053 Blücher- 92
– Ayse 47166 Kant- 63
– Aysegül 47169 Mittel- 29
– Bahriye 47139 Sandbrück 3
– Barbara 47057 Harold- 50
– Battal 47166 Kant- 63
– Bayram 47166 Kant- 63
– Berfin 47053 Antonien- 31
– Bettül 47166 Kant- 63
– Cemalettin 47226 Ursula- 9
– Demir 47169 Mittel- 29
– Ebru 47137 Bahnhof- 94
– Elif 47166 Ellpenhof- 11
– Emine 47166 Ellpenhof- 11
– Engin 47169 Emma- 23
– Erdal 47226 Berta- 9
– Ersin 47166 Ellpenhof- 11
– Erol 47169 Emma- 23
– Ferit 47166 Lessing- 52
– Filiz 47166 Gottlieb- 36
– Gülbahar 47226 Hochfelder- 31
– Gülsen 47169 Emma- 23
– Gönay 47139 Walzenheimer- 1
– Hasan 47053 Wörth- 24
– Hicaz 47169 Otto- 12
– Hüseyin 47166 Schiller- 70
– Ibrahim 47139 Sandbrück 3
– Ilknur 47169 Emma- 17
– Kadriye 47166 Lessing- 52
– Kemal 47229 Gravelotte- 9
Einwohner Namen-Teil
A-DU	Firmen, Gewerbebetriebe usw. nach Namen – siehe gelber Teil
